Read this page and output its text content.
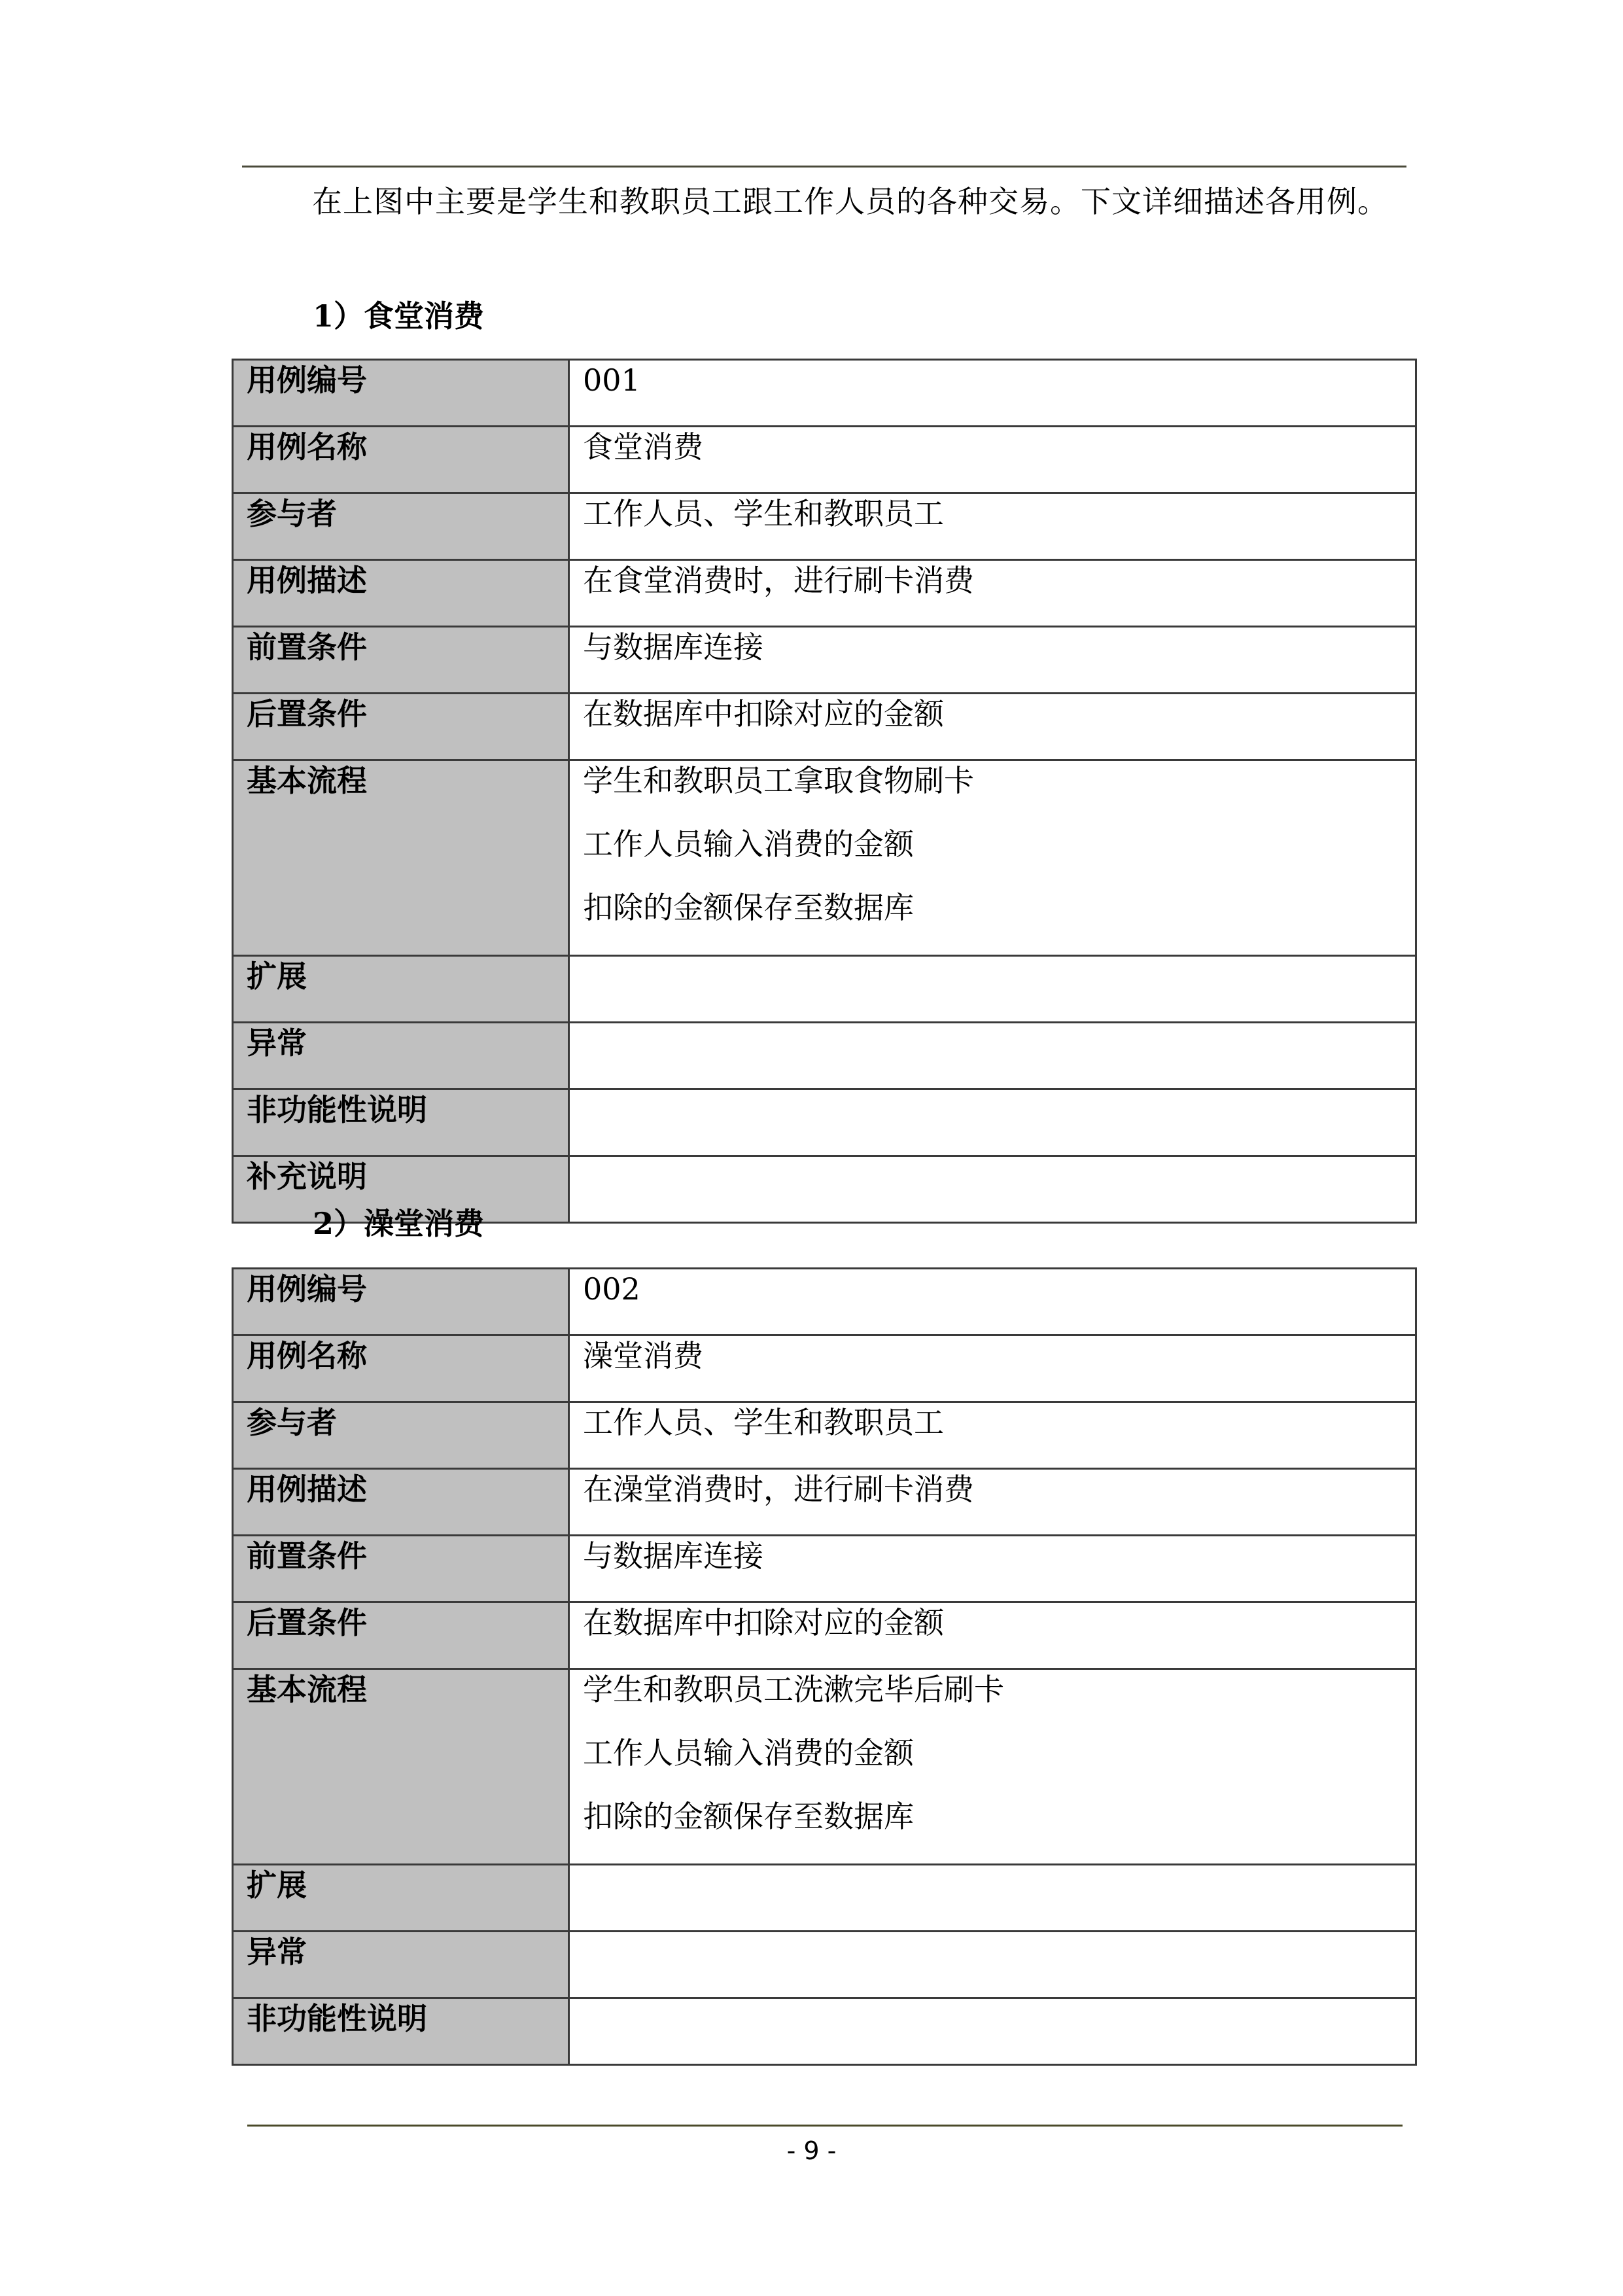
在上图中主要是学生和教职员工跟工作人员的各种交易。下文详细描述各用例。

1）食堂消费
用例编号	001
用例名称	食堂消费
参与者	工作人员、学生和教职员工
用例描述	在食堂消费时，进行刷卡消费
前置条件	与数据库连接
后置条件	在数据库中扣除对应的金额
基本流程	学生和教职员工拿取食物刷卡
工作人员输入消费的金额
扣除的金额保存至数据库

扩展	
异常	
非功能性说明	
补充说明	
2）澡堂消费
用例编号	002
用例名称	澡堂消费
参与者	工作人员、学生和教职员工
用例描述	在澡堂消费时，进行刷卡消费
前置条件	与数据库连接
后置条件	在数据库中扣除对应的金额
基本流程	学生和教职员工洗漱完毕后刷卡
工作人员输入消费的金额
扣除的金额保存至数据库

扩展	
异常	
非功能性说明	
- 9 -
